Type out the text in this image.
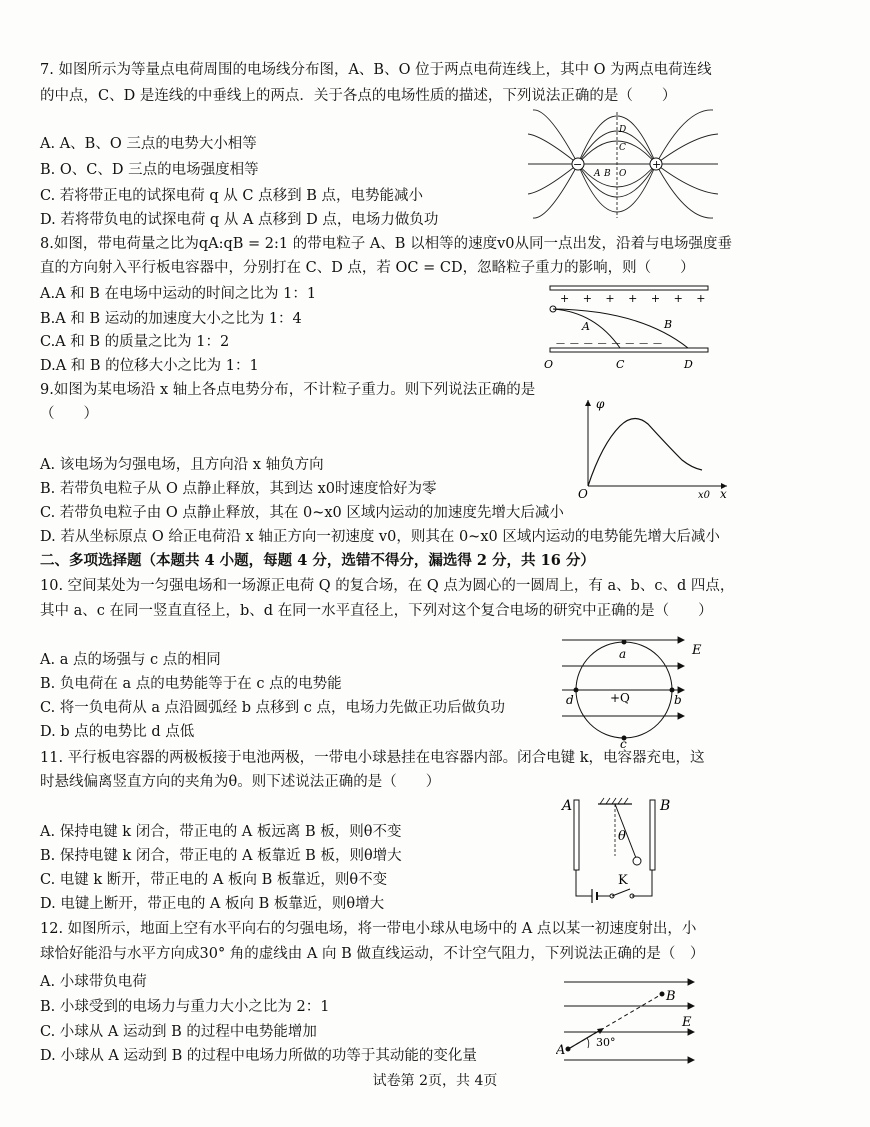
7. 如图所示为等量点电荷周围的电场线分布图，A、B、O 位于两点电荷连线上，其中 O 为两点电荷连线
的中点，C、D 是连线的中垂线上的两点．关于各点的电场性质的描述，下列说法正确的是（　　）
A. A、B、O 三点的电势大小相等
B. O、C、D 三点的电场强度相等
C. 若将带正电的试探电荷 q 从 C 点移到 B 点，电势能减小
D. 若将带负电的试探电荷 q 从 A 点移到 D 点，电场力做负功
−	+
A B O
C
D
8.如图，带电荷量之比为qA:qB = 2:1 的带电粒子 A、B 以相等的速度v0从同一点出发，沿着与电场强度垂
直的方向射入平行板电容器中，分别打在 C、D 点，若 OC = CD，忽略粒子重力的影响，则（　　）
A.A 和 B 在电场中运动的时间之比为 1：1
B.A 和 B 运动的加速度大小之比为 1：4
C.A 和 B 的质量之比为 1：2
D.A 和 B 的位移大小之比为 1：1
+ + + + + + +
— — — — — — — —
A	B
O	C	D
9.如图为某电场沿 x 轴上各点电势分布，不计粒子重力。则下列说法正确的是
（　　）
A. 该电场为匀强电场，且方向沿 x 轴负方向
B. 若带负电粒子从 O 点静止释放，其到达 x0时速度恰好为零
C. 若带负电粒子由 O 点静止释放，其在 0~x0 区域内运动的加速度先增大后减小
D. 若从坐标原点 O 给正电荷沿 x 轴正方向一初速度 v0，则其在 0~x0 区域内运动的电势能先增大后减小
φ
O	x0 x
二、多项选择题（本题共 4 小题，每题 4 分，选错不得分，漏选得 2 分，共 16 分）
10. 空间某处为一匀强电场和一场源正电荷 Q 的复合场，在 Q 点为圆心的一圆周上，有 a、b、c、d 四点，
其中 a、c 在同一竖直直径上，b、d 在同一水平直径上，下列对这个复合电场的研究中正确的是（　　）
A. a 点的场强与 c 点的相同
B. 负电荷在 a 点的电势能等于在 c 点的电势能
C. 将一负电荷从 a 点沿圆弧经 b 点移到 c 点，电场力先做正功后做负功
D. b 点的电势比 d 点低
E
a
b
c
d	+Q
11. 平行板电容器的两极板接于电池两极，一带电小球悬挂在电容器内部。闭合电键 k，电容器充电，这
时悬线偏离竖直方向的夹角为θ。则下述说法正确的是（　　）
A. 保持电键 k 闭合，带正电的 A 板远离 B 板，则θ不变
B. 保持电键 k 闭合，带正电的 A 板靠近 B 板，则θ增大
C. 电键 k 断开，带正电的 A 板向 B 板靠近，则θ不变
D. 电键上断开，带正电的 A 板向 B 板靠近，则θ增大
θ
A	B
K
12. 如图所示，地面上空有水平向右的匀强电场，将一带电小球从电场中的 A 点以某一初速度射出，小
球恰好能沿与水平方向成30° 角的虚线由 A 向 B 做直线运动，不计空气阻力，下列说法正确的是（　）
A. 小球带负电荷
B. 小球受到的电场力与重力大小之比为 2：1
C. 小球从 A 运动到 B 的过程中电势能增加
D. 小球从 A 运动到 B 的过程中电场力所做的功等于其动能的变化量	A
B
E
30°
试卷第 2页，共 4页
